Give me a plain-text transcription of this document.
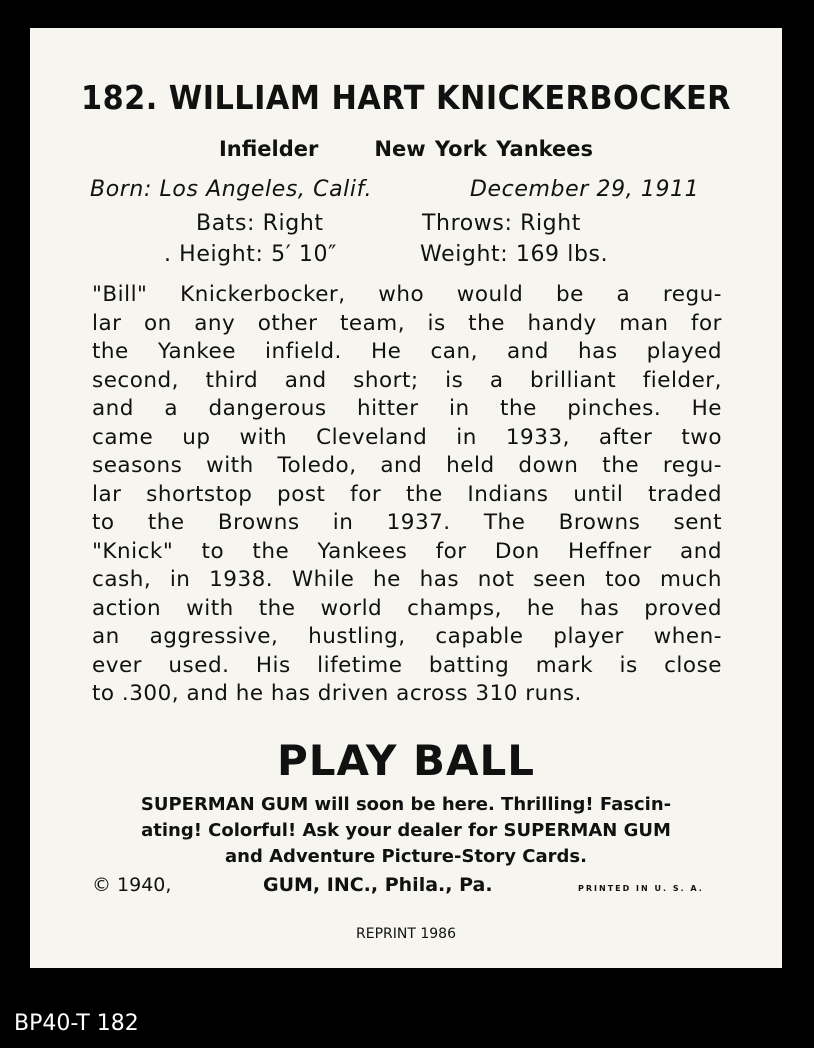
182. WILLIAM HART KNICKERBOCKER
Infielder	New York Yankees
Born: Los Angeles, Calif.	December 29, 1911
Bats: Right	Throws: Right
. Height: 5′ 10″	Weight: 169 lbs.
"Bill" Knickerbocker, who would be a regu-
lar on any other team, is the handy man for
the Yankee infield. He can, and has played
second, third and short; is a brilliant fielder,
and a dangerous hitter in the pinches. He
came up with Cleveland in 1933, after two
seasons with Toledo, and held down the regu-
lar shortstop post for the Indians until traded
to the Browns in 1937. The Browns sent
"Knick" to the Yankees for Don Heffner and
cash, in 1938. While he has not seen too much
action with the world champs, he has proved
an aggressive, hustling, capable player when-
ever used. His lifetime batting mark is close
to .300, and he has driven across 310 runs.
PLAY BALL
SUPERMAN GUM will soon be here. Thrilling! Fascin-
ating! Colorful! Ask your dealer for SUPERMAN GUM
and Adventure Picture-Story Cards.
© 1940,	GUM, INC., Phila., Pa.	PRINTED IN U. S. A.
REPRINT 1986
BP40-T 182
